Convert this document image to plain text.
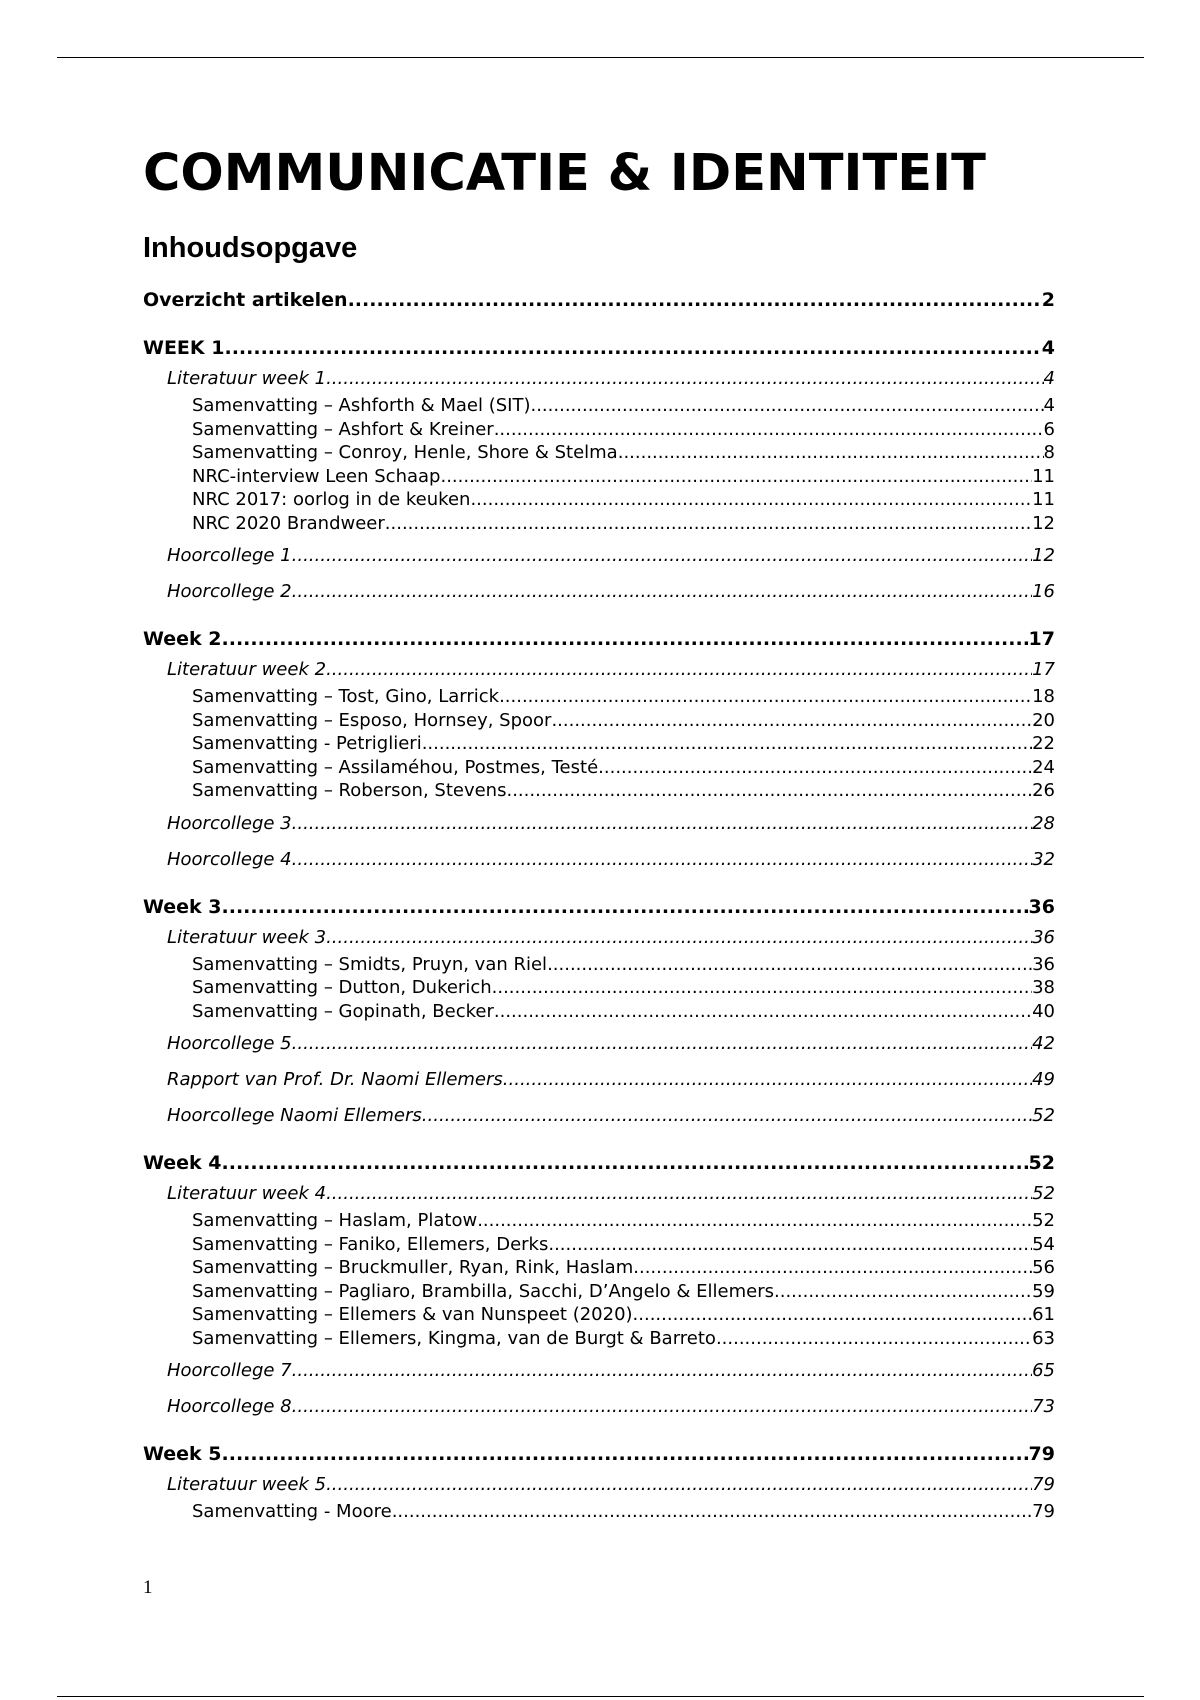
COMMUNICATIE & IDENTITEIT
Inhoudsopgave
Overzicht artikelen .....	2
WEEK 1 .....	4
Literatuur week 1 .....	4
Samenvatting – Ashforth & Mael (SIT) .....	4
Samenvatting – Ashfort & Kreiner .....	6
Samenvatting – Conroy, Henle, Shore & Stelma .....	8
NRC-interview Leen Schaap .....	11
NRC 2017: oorlog in de keuken .....	11
NRC 2020 Brandweer .....	12
Hoorcollege 1 .....	12
Hoorcollege 2 .....	16
Week 2 .....	17
Literatuur week 2 .....	17
Samenvatting – Tost, Gino, Larrick .....	18
Samenvatting – Esposo, Hornsey, Spoor .....	20
Samenvatting - Petriglieri .....	22
Samenvatting – Assilaméhou, Postmes, Testé .....	24
Samenvatting – Roberson, Stevens .....	26
Hoorcollege 3 .....	28
Hoorcollege 4 .....	32
Week 3 .....	36
Literatuur week 3 .....	36
Samenvatting – Smidts, Pruyn, van Riel .....	36
Samenvatting – Dutton, Dukerich .....	38
Samenvatting – Gopinath, Becker .....	40
Hoorcollege 5 .....	42
Rapport van Prof. Dr. Naomi Ellemers .....	49
Hoorcollege Naomi Ellemers .....	52
Week 4 .....	52
Literatuur week 4 .....	52
Samenvatting – Haslam, Platow .....	52
Samenvatting – Faniko, Ellemers, Derks .....	54
Samenvatting – Bruckmuller, Ryan, Rink, Haslam .....	56
Samenvatting – Pagliaro, Brambilla, Sacchi, D’Angelo & Ellemers .....	59
Samenvatting – Ellemers & van Nunspeet (2020) .....	61
Samenvatting – Ellemers, Kingma, van de Burgt & Barreto .....	63
Hoorcollege 7 .....	65
Hoorcollege 8 .....	73
Week 5 .....	79
Literatuur week 5 .....	79
Samenvatting - Moore .....	79
1
